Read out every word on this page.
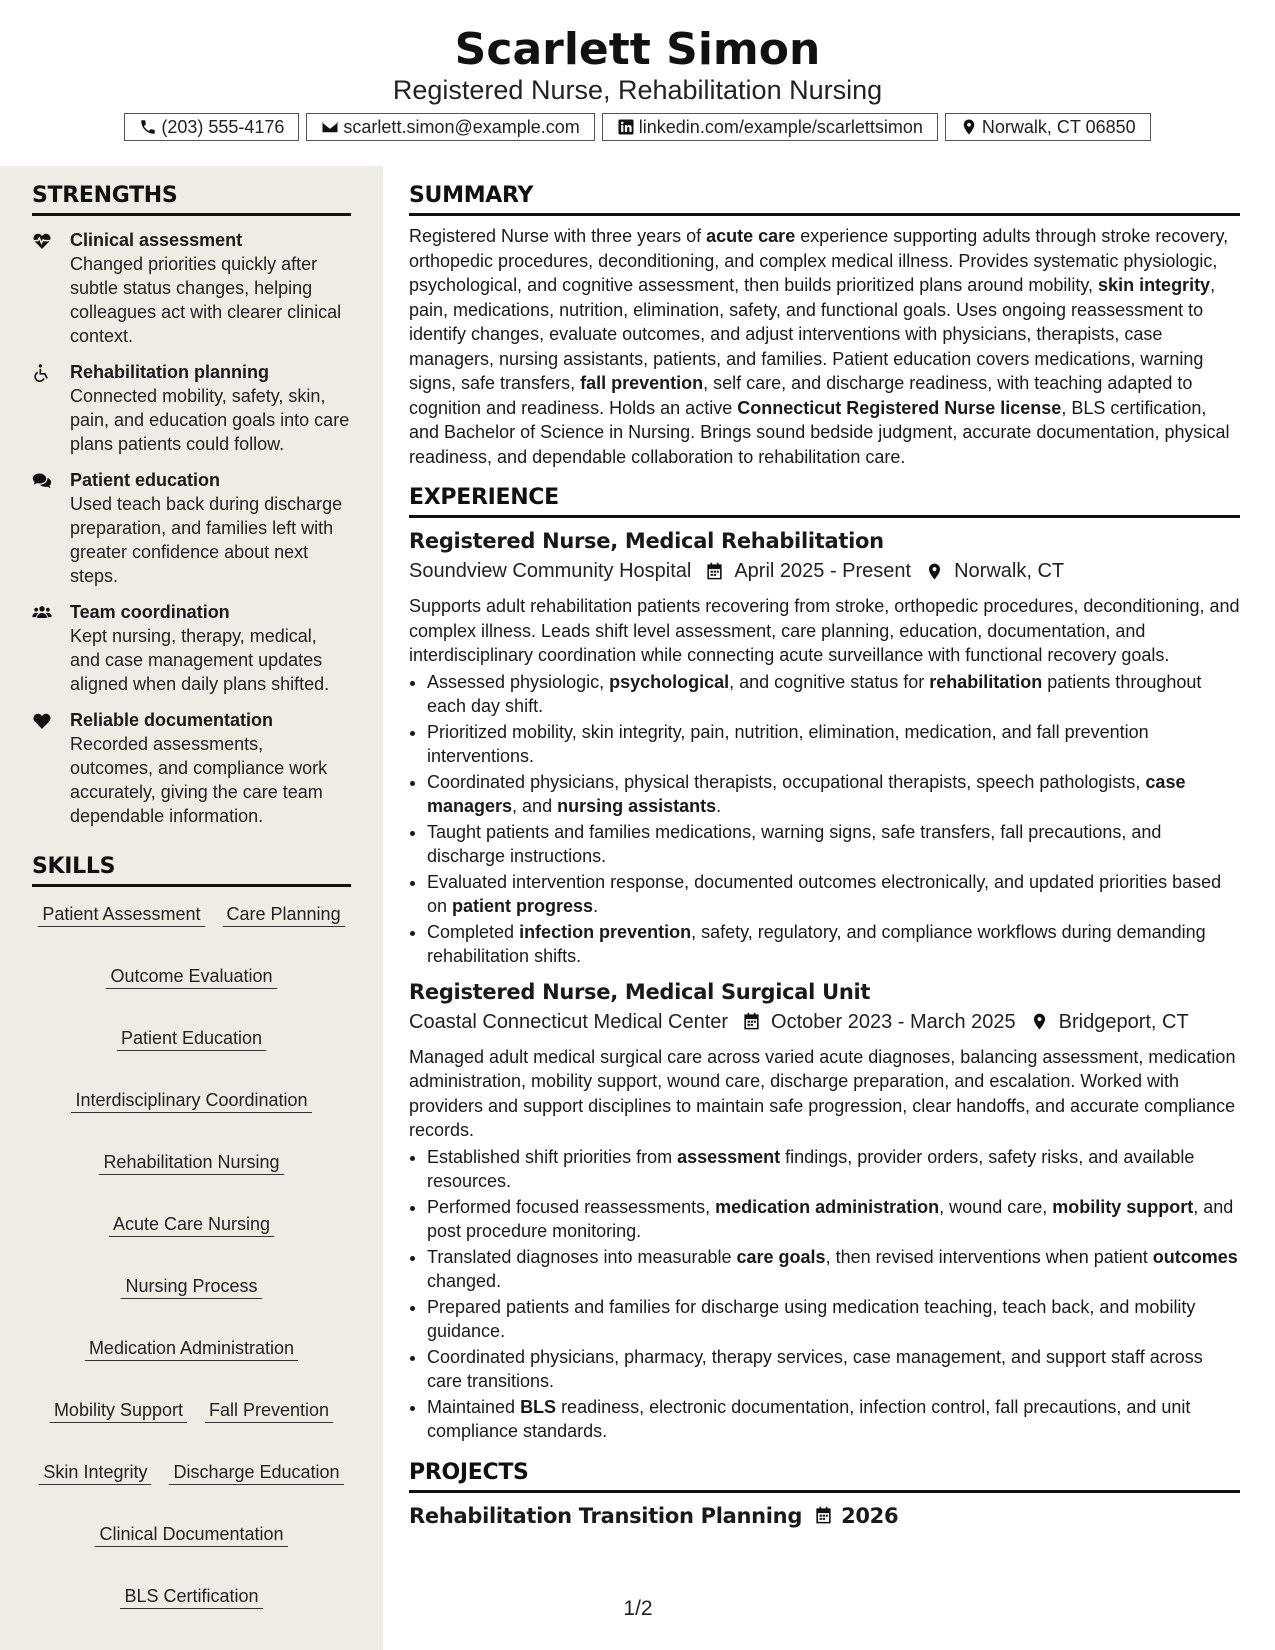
Scarlett Simon
Registered Nurse, Rehabilitation Nursing
(203) 555-4176	scarlett.simon@example.com	linkedin.com/example/scarlettsimon	Norwalk, CT 06850
STRENGTHS
Clinical assessment
Changed priorities quickly after subtle status changes, helping colleagues act with clearer clinical context.
Rehabilitation planning
Connected mobility, safety, skin, pain, and education goals into care plans patients could follow.
Patient education
Used teach back during discharge preparation, and families left with greater confidence about next steps.
Team coordination
Kept nursing, therapy, medical, and case management updates aligned when daily plans shifted.
Reliable documentation
Recorded assessments, outcomes, and compliance work accurately, giving the care team dependable information.
SKILLS
Patient Assessment Care Planning
Outcome Evaluation
Patient Education
Interdisciplinary Coordination
Rehabilitation Nursing
Acute Care Nursing
Nursing Process
Medication Administration
Mobility Support Fall Prevention
Skin Integrity Discharge Education
Clinical Documentation
BLS Certification
SUMMARY

Registered Nurse with three years of acute care experience supporting adults through stroke recovery, orthopedic procedures, deconditioning, and complex medical illness. Provides systematic physiologic, psychological, and cognitive assessment, then builds prioritized plans around mobility, skin integrity, pain, medications, nutrition, elimination, safety, and functional goals. Uses ongoing reassessment to identify changes, evaluate outcomes, and adjust interventions with physicians, therapists, case managers, nursing assistants, patients, and families. Patient education covers medications, warning signs, safe transfers, fall prevention, self care, and discharge readiness, with teaching adapted to cognition and readiness. Holds an active Connecticut Registered Nurse license, BLS certification, and Bachelor of Science in Nursing. Brings sound bedside judgment, accurate documentation, physical readiness, and dependable collaboration to rehabilitation care.

EXPERIENCE
Registered Nurse, Medical Rehabilitation
Soundview Community Hospital April 2025 - Present Norwalk, CT

Supports adult rehabilitation patients recovering from stroke, orthopedic procedures, deconditioning, and complex illness. Leads shift level assessment, care planning, education, documentation, and interdisciplinary coordination while connecting acute surveillance with functional recovery goals.

• Assessed physiologic, psychological, and cognitive status for rehabilitation patients throughout each day shift.
• Prioritized mobility, skin integrity, pain, nutrition, elimination, medication, and fall prevention interventions.
• Coordinated physicians, physical therapists, occupational therapists, speech pathologists, case managers, and nursing assistants.
• Taught patients and families medications, warning signs, safe transfers, fall precautions, and discharge instructions.
• Evaluated intervention response, documented outcomes electronically, and updated priorities based on patient progress.
• Completed infection prevention, safety, regulatory, and compliance workflows during demanding rehabilitation shifts.
Registered Nurse, Medical Surgical Unit
Coastal Connecticut Medical Center October 2023 - March 2025 Bridgeport, CT

Managed adult medical surgical care across varied acute diagnoses, balancing assessment, medication administration, mobility support, wound care, discharge preparation, and escalation. Worked with providers and support disciplines to maintain safe progression, clear handoffs, and accurate compliance records.

• Established shift priorities from assessment findings, provider orders, safety risks, and available resources.
• Performed focused reassessments, medication administration, wound care, mobility support, and post procedure monitoring.
• Translated diagnoses into measurable care goals, then revised interventions when patient outcomes changed.
• Prepared patients and families for discharge using medication teaching, teach back, and mobility guidance.
• Coordinated physicians, pharmacy, therapy services, case management, and support staff across care transitions.
• Maintained BLS readiness, electronic documentation, infection control, fall precautions, and unit compliance standards.
PROJECTS
Rehabilitation Transition Planning 2026
1/2
